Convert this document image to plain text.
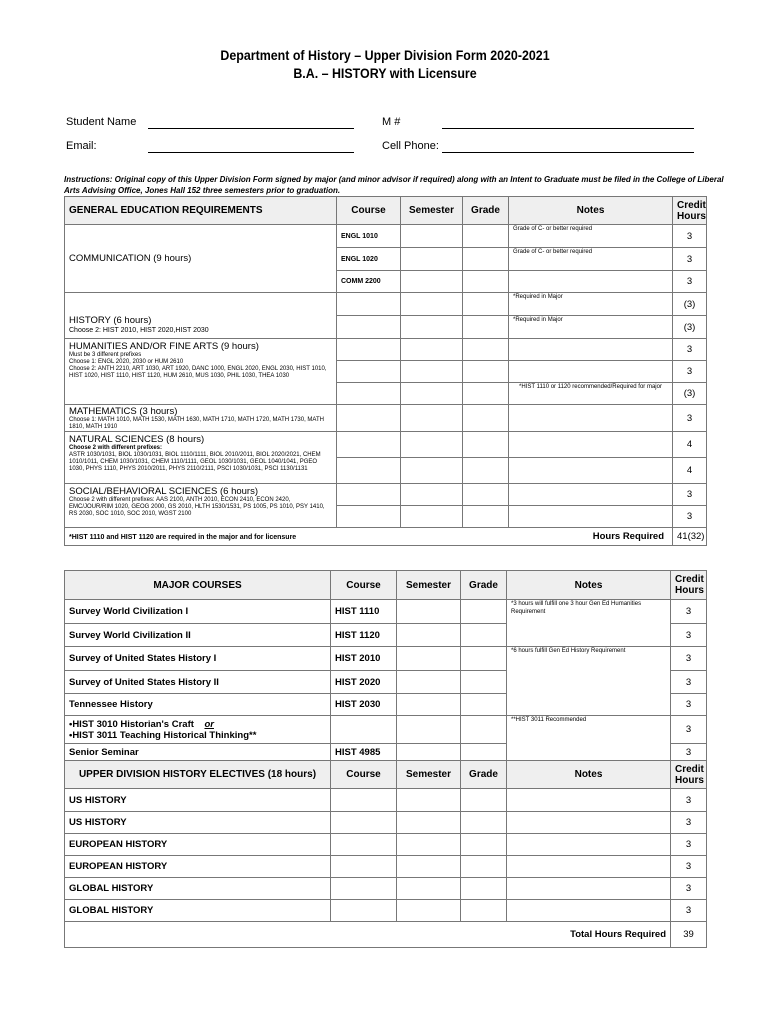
Department of History – Upper Division Form 2020-2021
B.A. – HISTORY with Licensure
Student Name	M #
Email:	Cell Phone:
Instructions: Original copy of this Upper Division Form signed by major (and minor advisor if required) along with an Intent to Graduate must be filed in the College of Liberal Arts Advising Office, Jones Hall 152 three semesters prior to graduation.
GENERAL EDUCATION REQUIREMENTS	Course	Semester	Grade	Notes	Credit Hours
COMMUNICATION (9 hours)	ENGL 1010			Grade of C- or better required	3
	ENGL 1020			Grade of C- or better required	3
	COMM 2200				3

HISTORY (6 hours)
Choose 2: HIST 2010, HIST 2020,HIST 2030				*Required in Major	(3)
				*Required in Major	(3)

HUMANITIES AND/OR FINE ARTS (9 hours)
Must be 3 different prefixes
Choose 1: ENGL 2020, 2030 or HUM 2610
Choose 2: ANTH 2210, ART 1030, ART 1920, DANC 1000, ENGL 2020, ENGL 2030, HIST 1010, HIST 1020, HIST 1110, HIST 1120, HUM 2610, MUS 1030, PHIL 1030, THEA 1030					3
					3
				*HIST 1110 or 1120 recommended/Required for major	(3)
MATHEMATICS (3 hours)
Choose 1: MATH 1010, MATH 1530, MATH 1630, MATH 1710, MATH 1720, MATH 1730, MATH 1810, MATH 1910					3

NATURAL SCIENCES (8 hours)
Choose 2 with different prefixes:
ASTR 1030/1031, BIOL 1030/1031, BIOL 1110/1111, BIOL 2010/2011, BIOL 2020/2021, CHEM 1010/1011, CHEM 1030/1031, CHEM 1110/1111, GEOL 1030/1031, GEOL 1040/1041, PGEO 1030, PHYS 1110, PHYS 2010/2011, PHYS 2110/2111, PSCI 1030/1031, PSCI 1130/1131					4
					4

SOCIAL/BEHAVIORAL SCIENCES (6 hours)
Choose 2 with different prefixes: AAS 2100, ANTH 2010, ECON 2410, ECON 2420, EMC/JOUR/RIM 1020, GEOG 2000, GS 2010, HLTH 1530/1531, PS 1005, PS 1010, PSY 1410, RS 2030, SOC 1010, SOC 2010, WGST 2100					3
					3
*HIST 1110 and HIST 1120 are required in the major and for licensure Hours Required					41(32)
MAJOR COURSES	Course	Semester	Grade	Notes	Credit Hours
Survey World Civilization I	HIST 1110			*3 hours will fulfill one 3 hour Gen Ed Humanities Requirement	3
Survey World Civilization II	HIST 1120				3
Survey of United States History I	HIST 2010			*6 hours fulfill Gen Ed History Requirement	3
Survey of United States History II	HIST 2020				3
Tennessee History	HIST 2030				3

•HIST 3010 Historian's Craft or
•HIST 3011 Teaching Historical Thinking**				**HIST 3011 Recommended	3
Senior Seminar	HIST 4985				3
UPPER DIVISION HISTORY ELECTIVES (18 hours)	Course	Semester	Grade	Notes	Credit Hours
US HISTORY					3
US HISTORY					3
EUROPEAN HISTORY					3
EUROPEAN HISTORY					3
GLOBAL HISTORY					3
GLOBAL HISTORY					3
Total Hours Required					39
